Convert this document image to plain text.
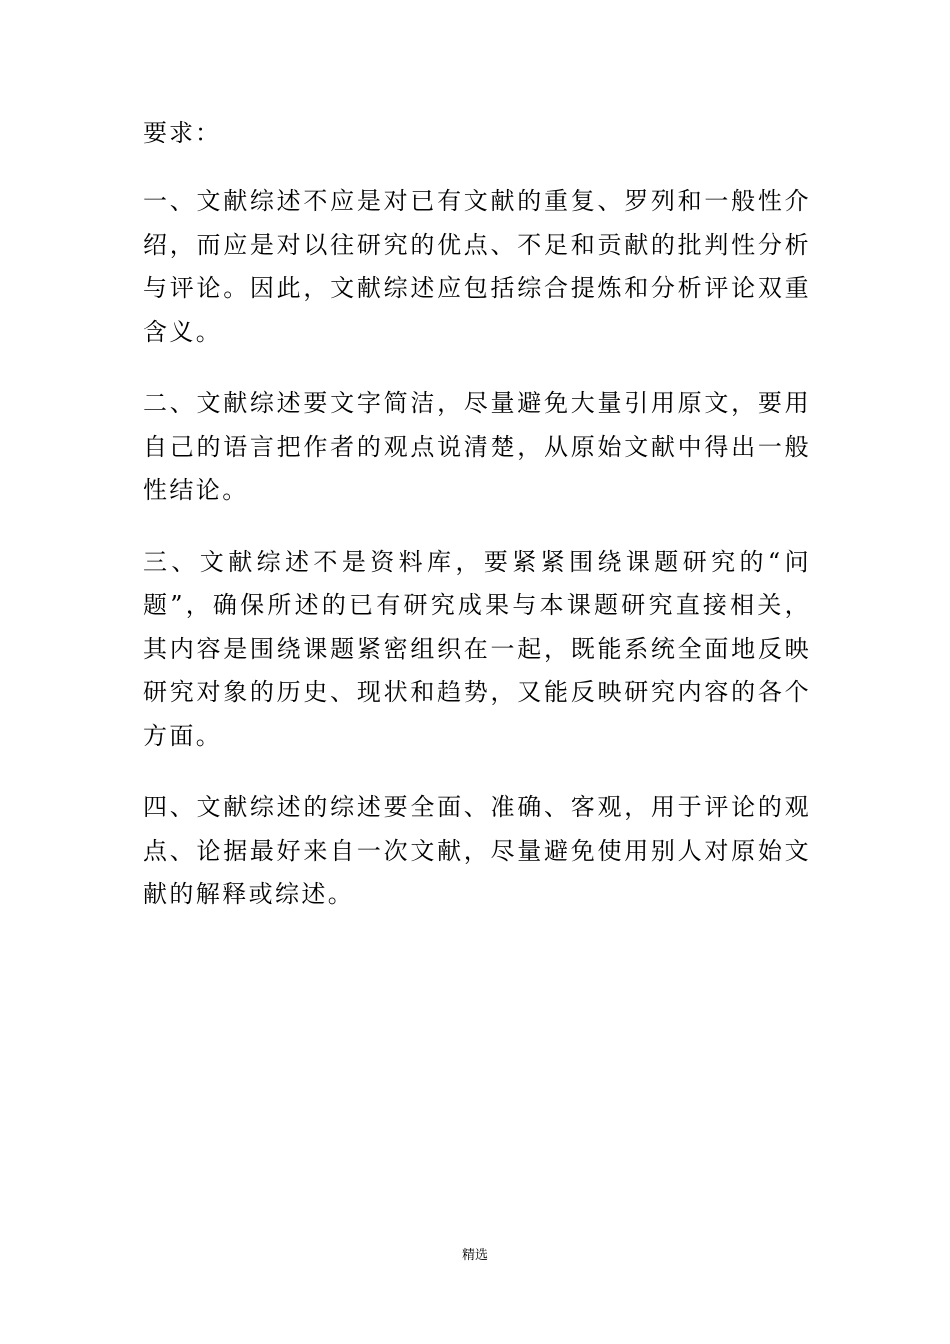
要求：

一、文献综述不应是对已有文献的重复、罗列和一般性介绍，而应是对以往研究的优点、不足和贡献的批判性分析与评论。因此，文献综述应包括综合提炼和分析评论双重含义。

二、文献综述要文字简洁，尽量避免大量引用原文，要用自己的语言把作者的观点说清楚，从原始文献中得出一般性结论。

三、文献综述不是资料库，要紧紧围绕课题研究的“问题”，确保所述的已有研究成果与本课题研究直接相关，其内容是围绕课题紧密组织在一起，既能系统全面地反映研究对象的历史、现状和趋势，又能反映研究内容的各个方面。

四、文献综述的综述要全面、准确、客观，用于评论的观点、论据最好来自一次文献，尽量避免使用别人对原始文献的解释或综述。

精选
